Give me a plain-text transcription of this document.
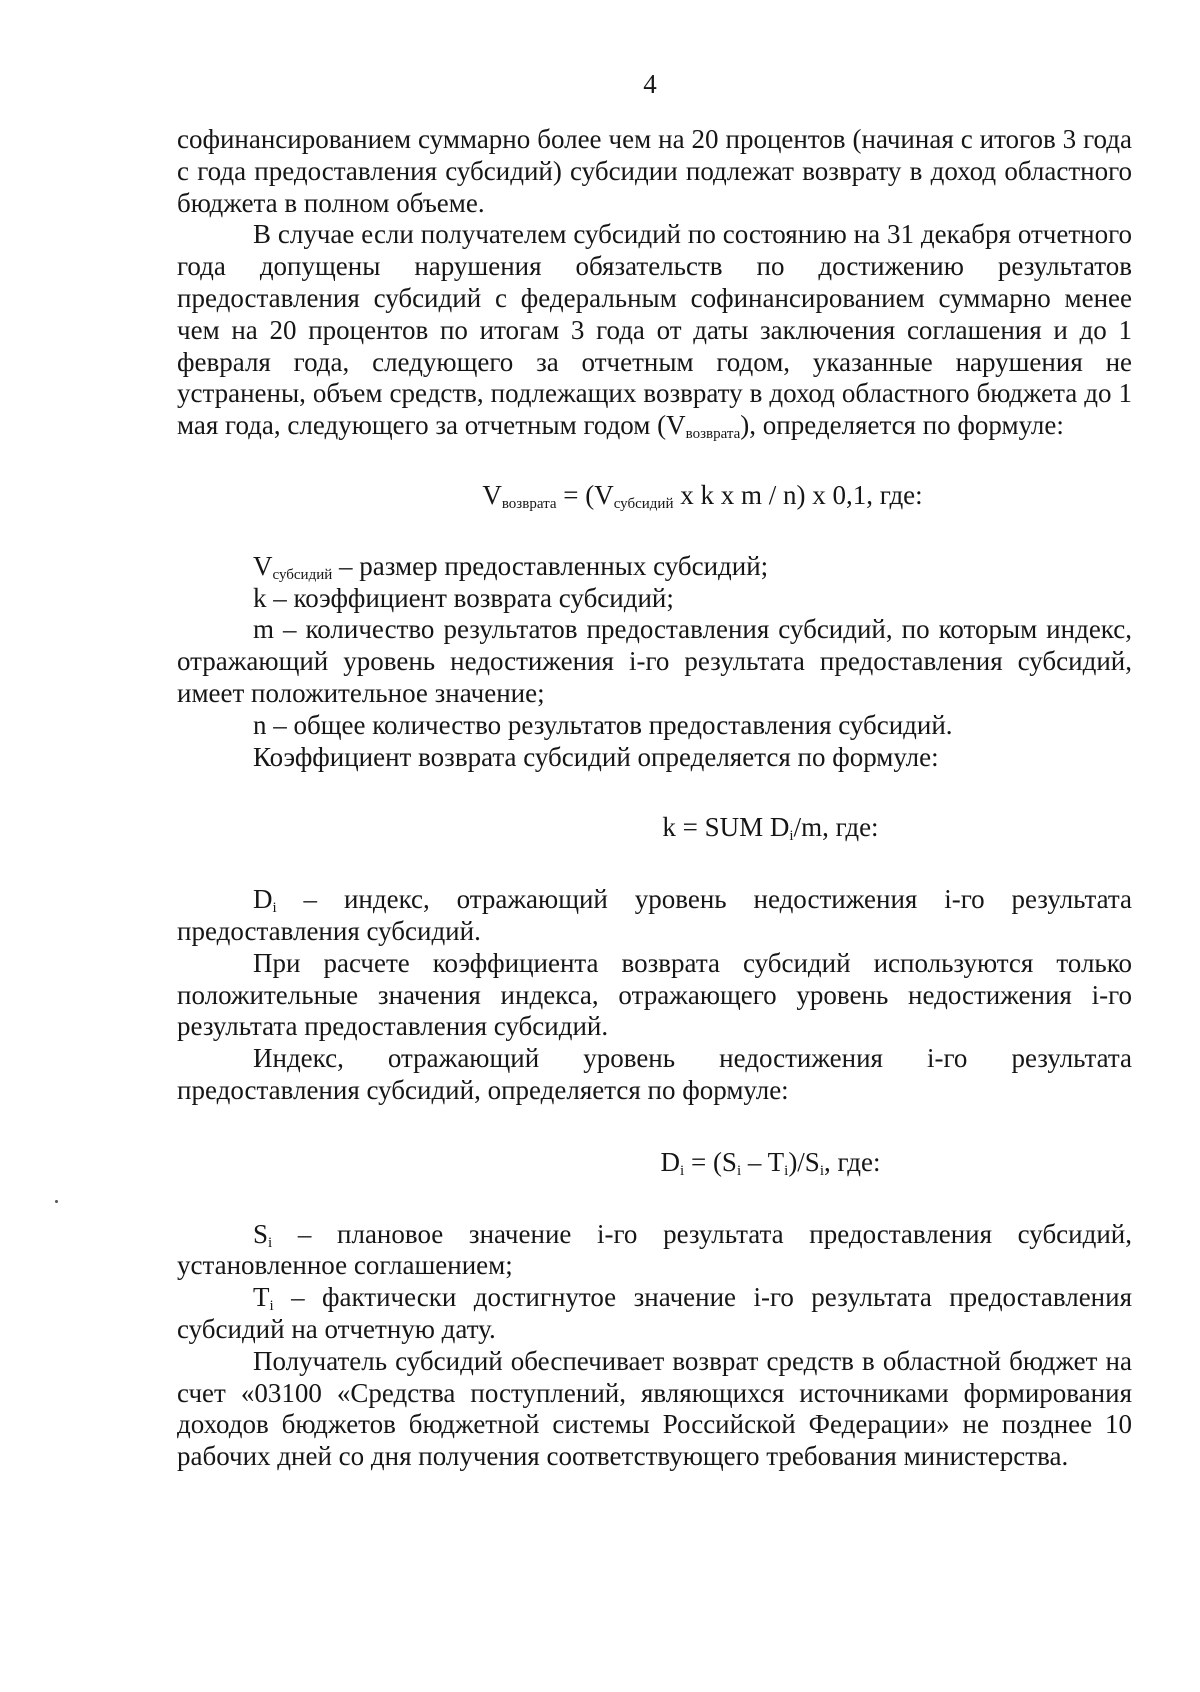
4

софинансированием суммарно более чем на 20 процентов (начиная с итогов 3 года с года предоставления субсидий) субсидии подлежат возврату в доход областного бюджета в полном объеме.

В случае если получателем субсидий по состоянию на 31 декабря отчетного года допущены нарушения обязательств по достижению результатов предоставления субсидий с федеральным софинансированием суммарно менее чем на 20 процентов по итогам 3 года от даты заключения соглашения и до 1 февраля года, следующего за отчетным годом, указанные нарушения не устранены, объем средств, подлежащих возврату в доход областного бюджета до 1 мая года, следующего за отчетным годом $(V_{возврата})$, определяется по формуле:

$V_{возврата} = (V_{субсидий}$ x k x m / n) x 0,1, где:

$V_{субсидий}$ – размер предоставленных субсидий;

k – коэффициент возврата субсидий;

m – количество результатов предоставления субсидий, по которым индекс, отражающий уровень недостижения i-го результата предоставления субсидий, имеет положительное значение;

n – общее количество результатов предоставления субсидий.

Коэффициент возврата субсидий определяется по формуле:

k = SUM $D_i/m$, где:

$D_i$ – индекс, отражающий уровень недостижения i-го результата предоставления субсидий.

При расчете коэффициента возврата субсидий используются только положительные значения индекса, отражающего уровень недостижения i-го результата предоставления субсидий.

Индекс, отражающий уровень недостижения i-го результата предоставления субсидий, определяется по формуле:

$D_i = (S_i - T_i)/S_i$, где:

$S_i$ – плановое значение i-го результата предоставления субсидий, установленное соглашением;

$T_i$ – фактически достигнутое значение i-го результата предоставления субсидий на отчетную дату.

Получатель субсидий обеспечивает возврат средств в областной бюджет на счет «03100 «Средства поступлений, являющихся источниками формирования доходов бюджетов бюджетной системы Российской Федерации» не позднее 10 рабочих дней со дня получения соответствующего требования министерства.
